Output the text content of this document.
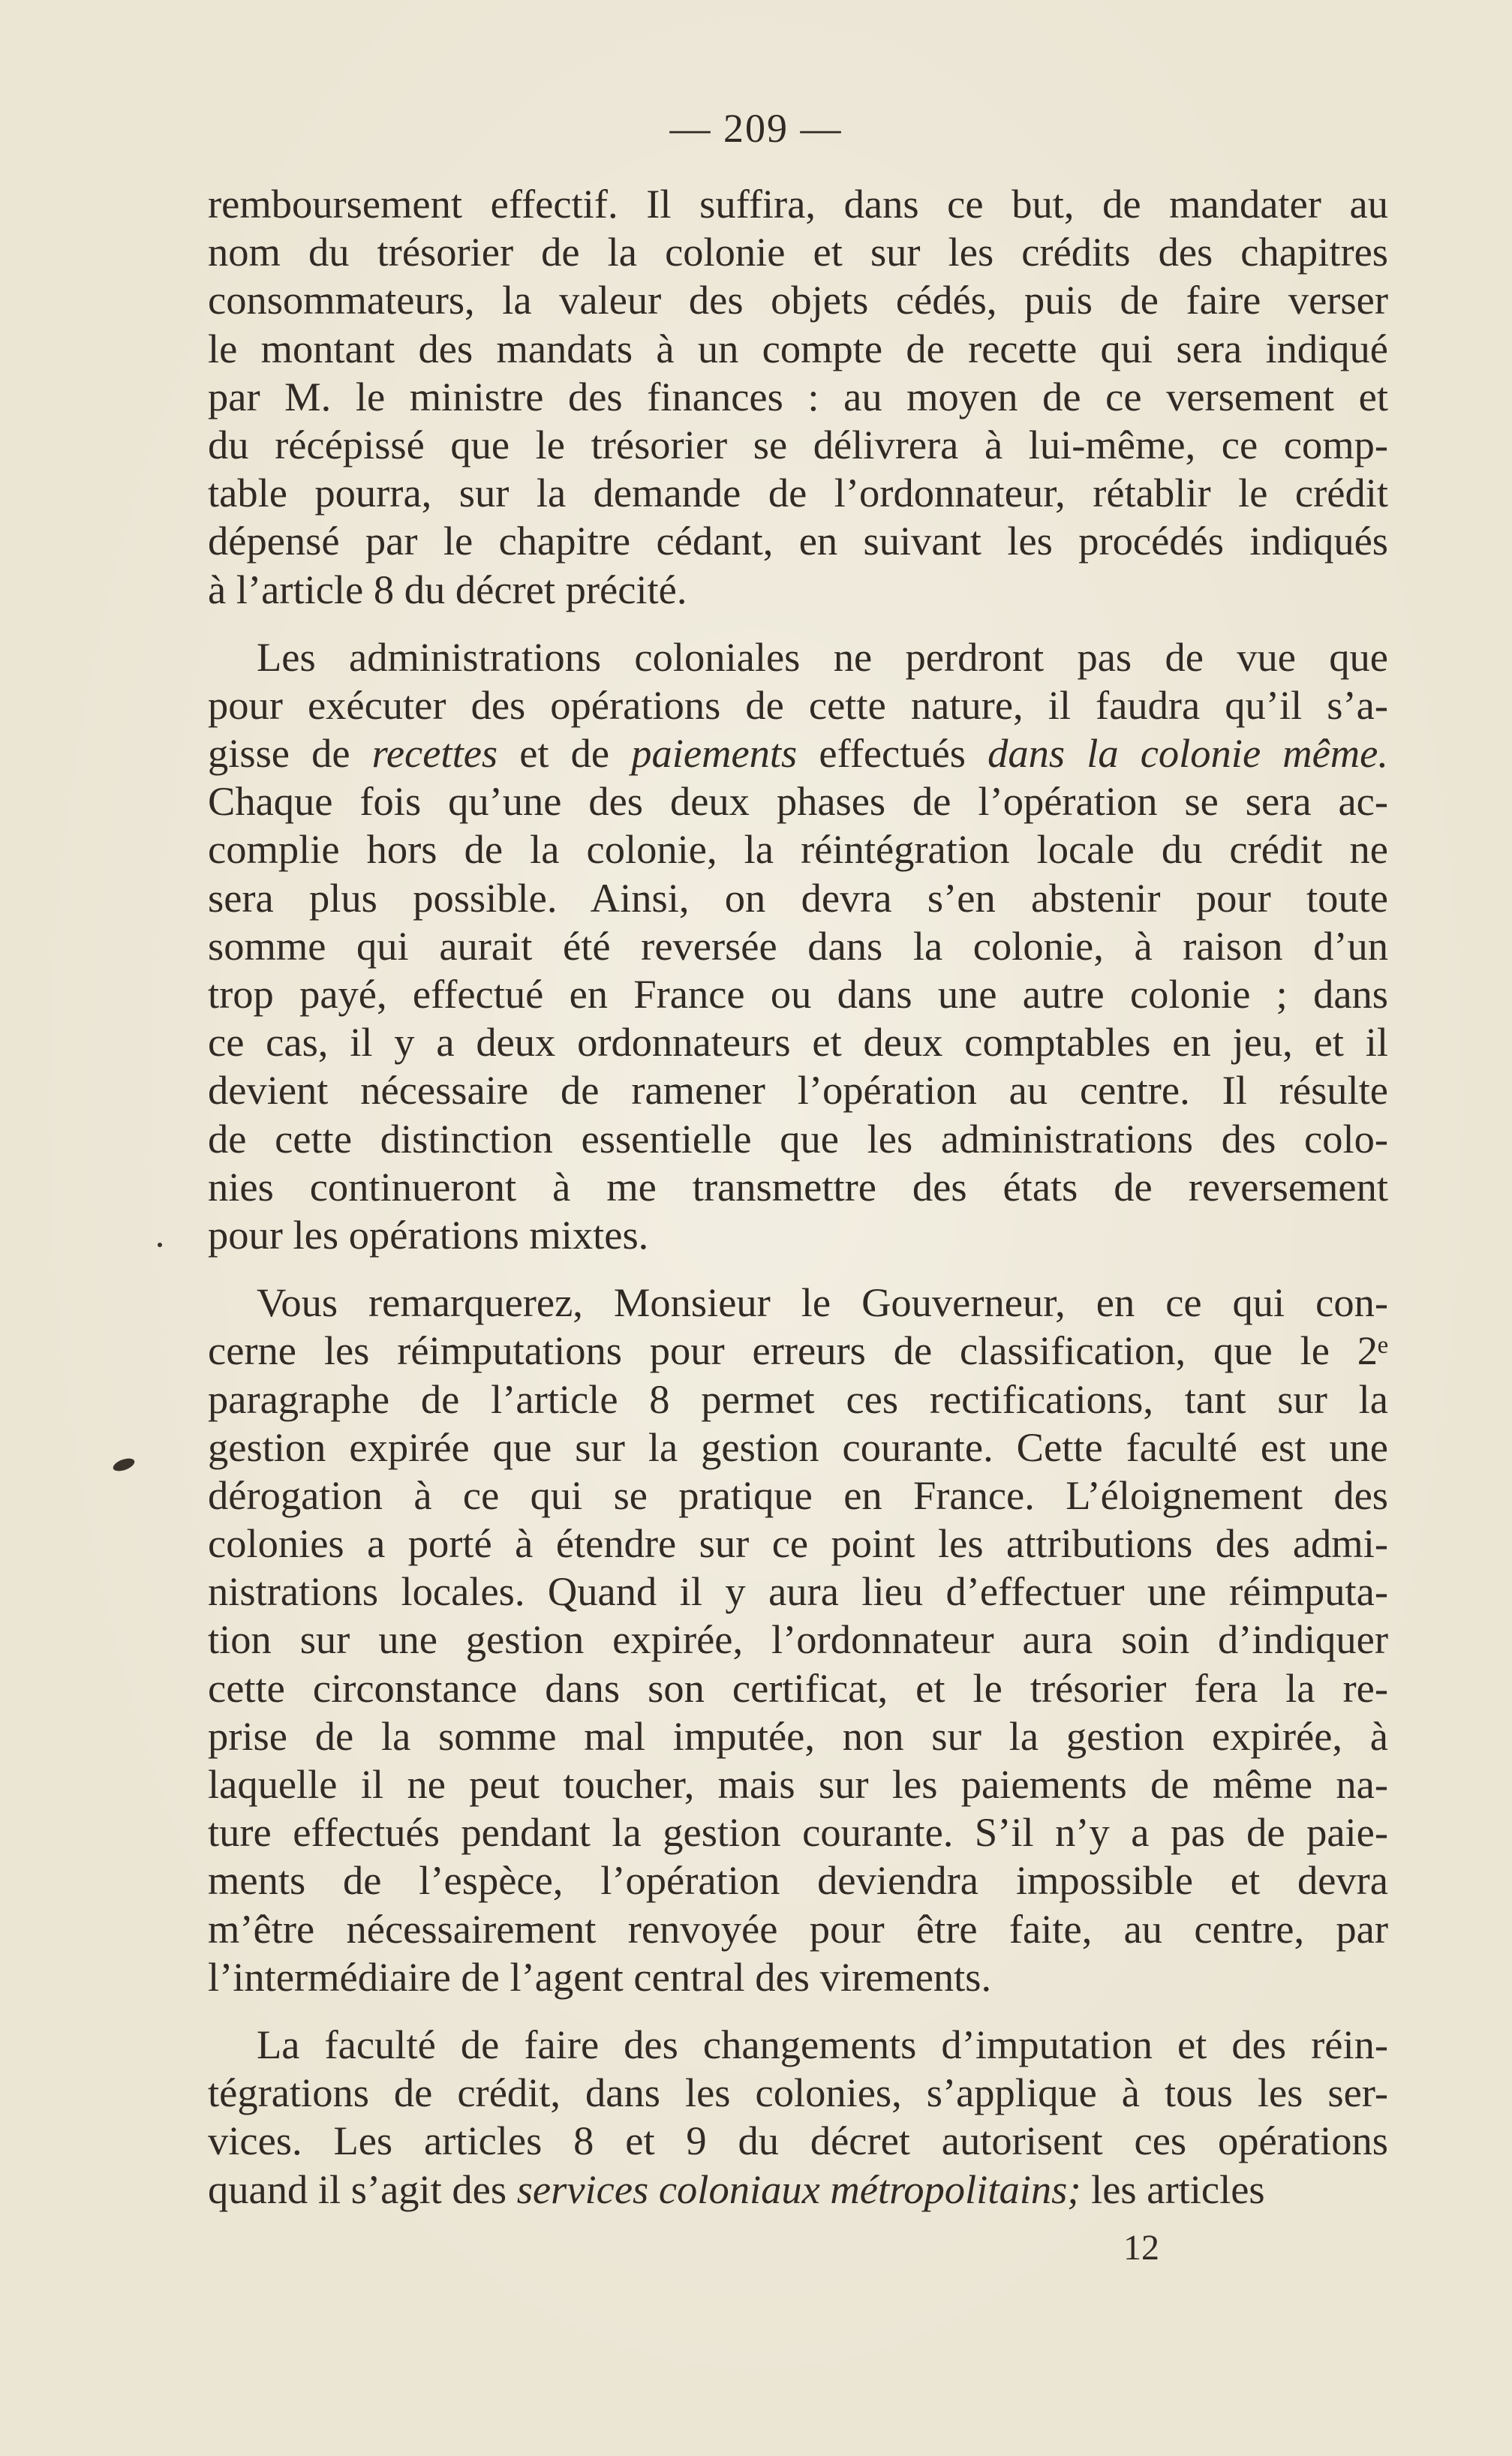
— 209 —
remboursement effectif. Il suffira, dans ce but, de mandater au
nom du trésorier de la colonie et sur les crédits des chapitres
consommateurs, la valeur des objets cédés, puis de faire verser
le montant des mandats à un compte de recette qui sera indiqué
par M. le ministre des finances : au moyen de ce versement et
du récépissé que le trésorier se délivrera à lui-même, ce comp-
table pourra, sur la demande de l’ordonnateur, rétablir le crédit
dépensé par le chapitre cédant, en suivant les procédés indiqués
à l’article 8 du décret précité.
Les administrations coloniales ne perdront pas de vue que
pour exécuter des opérations de cette nature, il faudra qu’il s’a-
gisse de recettes et de paiements effectués dans la colonie même.
Chaque fois qu’une des deux phases de l’opération se sera ac-
complie hors de la colonie, la réintégration locale du crédit ne
sera plus possible. Ainsi, on devra s’en abstenir pour toute
somme qui aurait été reversée dans la colonie, à raison d’un
trop payé, effectué en France ou dans une autre colonie ; dans
ce cas, il y a deux ordonnateurs et deux comptables en jeu, et il
devient nécessaire de ramener l’opération au centre. Il résulte
de cette distinction essentielle que les administrations des colo-
nies continueront à me transmettre des états de reversement
pour les opérations mixtes.
Vous remarquerez, Monsieur le Gouverneur, en ce qui con-
cerne les réimputations pour erreurs de classification, que le 2ᵉ
paragraphe de l’article 8 permet ces rectifications, tant sur la
gestion expirée que sur la gestion courante. Cette faculté est une
dérogation à ce qui se pratique en France. L’éloignement des
colonies a porté à étendre sur ce point les attributions des admi-
nistrations locales. Quand il y aura lieu d’effectuer une réimputa-
tion sur une gestion expirée, l’ordonnateur aura soin d’indiquer
cette circonstance dans son certificat, et le trésorier fera la re-
prise de la somme mal imputée, non sur la gestion expirée, à
laquelle il ne peut toucher, mais sur les paiements de même na-
ture effectués pendant la gestion courante. S’il n’y a pas de paie-
ments de l’espèce, l’opération deviendra impossible et devra
m’être nécessairement renvoyée pour être faite, au centre, par
l’intermédiaire de l’agent central des virements.
La faculté de faire des changements d’imputation et des réin-
tégrations de crédit, dans les colonies, s’applique à tous les ser-
vices. Les articles 8 et 9 du décret autorisent ces opérations
quand il s’agit des services coloniaux métropolitains; les articles
12
